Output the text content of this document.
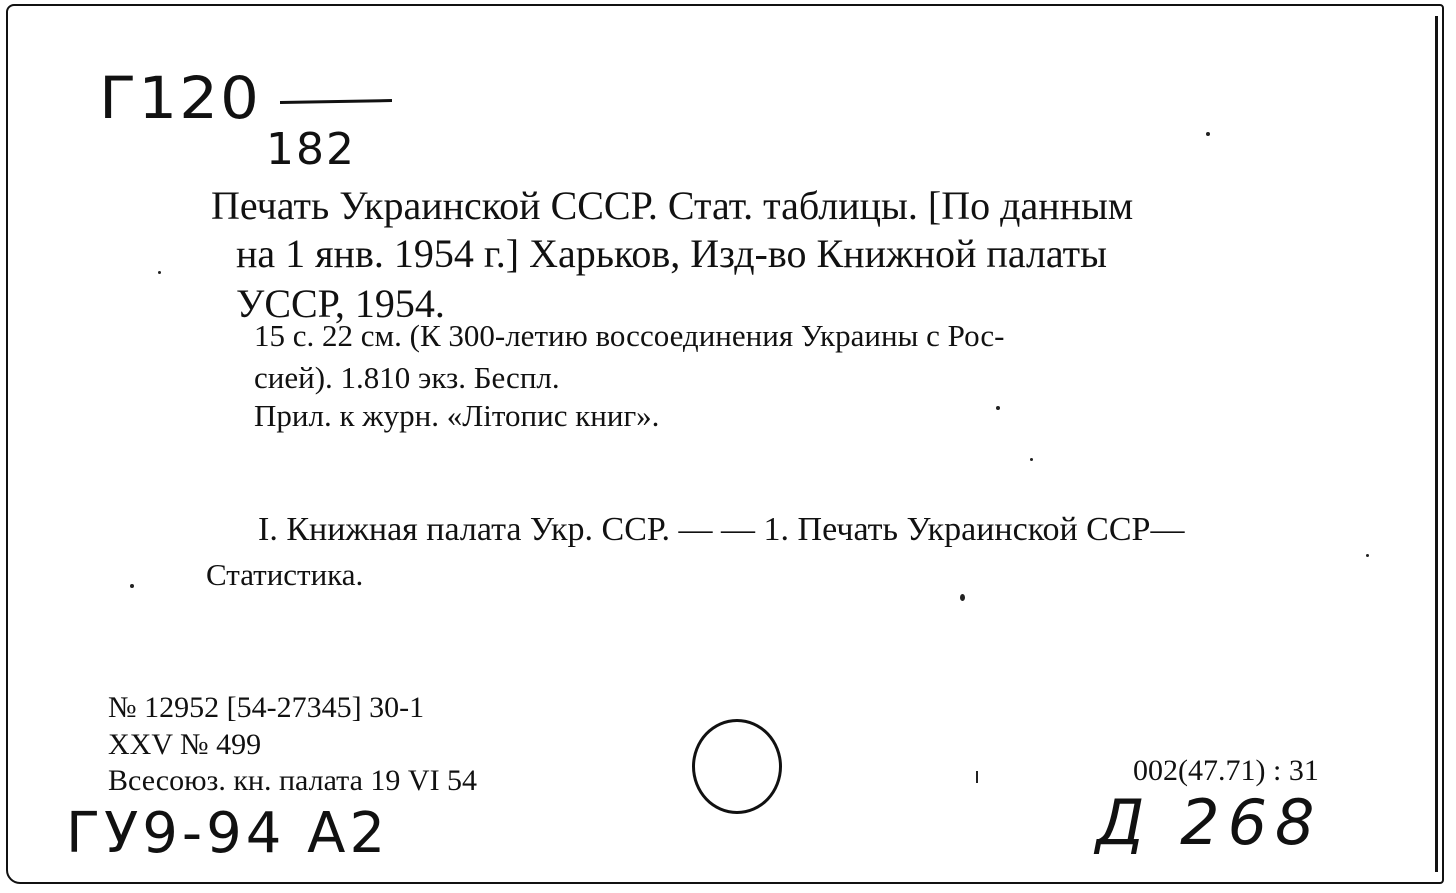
Г120
182
Печать Украинской СССР. Стат. таблицы. [По данным
на 1 янв. 1954 г.] Харьков, Изд-во Книжной палаты
УССР, 1954.
15 с. 22 см. (К 300-летию воссоединения Украины с Рос-
сией). 1.810 экз. Беспл.
Прил. к журн. «Літопис книг».
I. Книжная палата Укр. ССР. — — 1. Печать Украинской ССР—
Статистика.
№ 12952 [54-27345] 30-1
XXV № 499
Всесоюз. кн. палата 19 VI 54	002(47.71) : 31
ГУ9-94 А2	Д 268
